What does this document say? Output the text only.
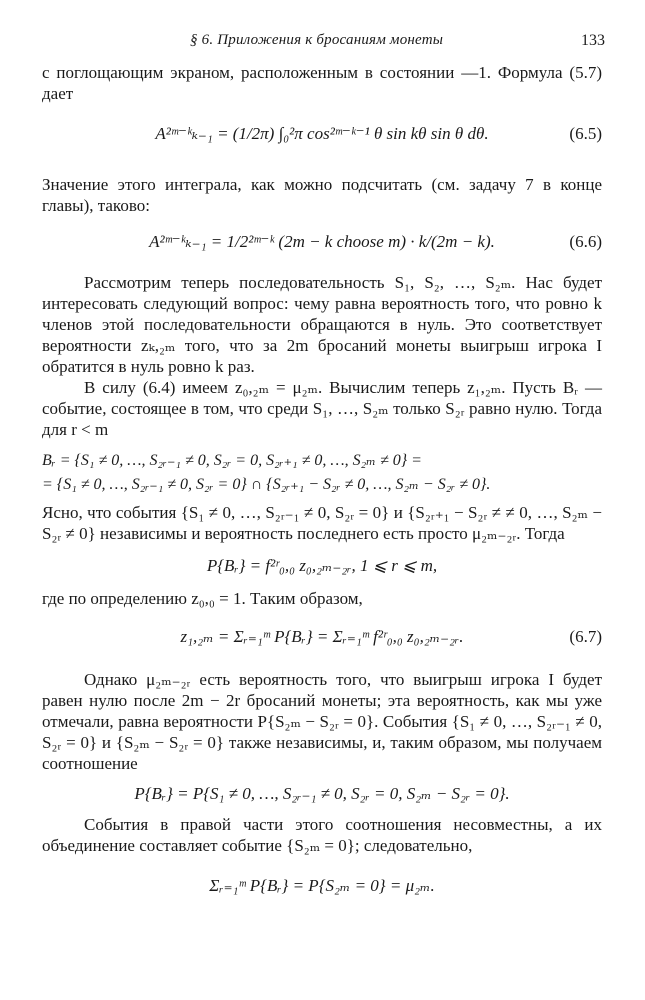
§ 6. Приложения к бросаниям монеты	133

с поглощающим экраном, расположенным в состоянии —1. Формула (5.7) дает

A²ᵐ⁻ᵏₖ₋₁ = (1/2π) ∫₀²π cos²ᵐ⁻ᵏ⁻¹ θ sin kθ sin θ dθ.	(6.5)

Значение этого интеграла, как можно подсчитать (см. задачу 7 в конце главы), таково:

A²ᵐ⁻ᵏₖ₋₁ = 1/2²ᵐ⁻ᵏ (2m − k choose m) · k/(2m − k).	(6.6)

Рассмотрим теперь последовательность S₁, S₂, …, S₂ₘ. Нас будет интересовать следующий вопрос: чему равна вероятность того, что ровно k членов этой последовательности обращаются в нуль. Это соответствует вероятности zₖ,₂ₘ того, что за 2m бросаний монеты выигрыш игрока I обратится в нуль ровно k раз.

В силу (6.4) имеем z₀,₂ₘ = μ₂ₘ. Вычислим теперь z₁,₂ₘ. Пусть Bᵣ — событие, состоящее в том, что среди S₁, …, S₂ₘ только S₂ᵣ равно нулю. Тогда для r < m

Bᵣ = {S₁ ≠ 0, …, S₂ᵣ₋₁ ≠ 0, S₂ᵣ = 0, S₂ᵣ₊₁ ≠ 0, …, S₂ₘ ≠ 0} =
= {S₁ ≠ 0, …, S₂ᵣ₋₁ ≠ 0, S₂ᵣ = 0} ∩ {S₂ᵣ₊₁ − S₂ᵣ ≠ 0, …, S₂ₘ − S₂ᵣ ≠ 0}.

Ясно, что события {S₁ ≠ 0, …, S₂ᵣ₋₁ ≠ 0, S₂ᵣ = 0} и {S₂ᵣ₊₁ − S₂ᵣ ≠ ≠ 0, …, S₂ₘ − S₂ᵣ ≠ 0} независимы и вероятность последнего есть просто μ₂ₘ₋₂ᵣ. Тогда

P{Bᵣ} = f²ʳ₀,₀ z₀,₂ₘ₋₂ᵣ, 1 ⩽ r ⩽ m,

где по определению z₀,₀ = 1. Таким образом,

z₁,₂ₘ = Σᵣ₌₁ᵐ P{Bᵣ} = Σᵣ₌₁ᵐ f²ʳ₀,₀ z₀,₂ₘ₋₂ᵣ.	(6.7)

Однако μ₂ₘ₋₂ᵣ есть вероятность того, что выигрыш игрока I будет равен нулю после 2m − 2r бросаний монеты; эта вероятность, как мы уже отмечали, равна вероятности P{S₂ₘ − S₂ᵣ = 0}. События {S₁ ≠ 0, …, S₂ᵣ₋₁ ≠ 0, S₂ᵣ = 0} и {S₂ₘ − S₂ᵣ = 0} также независимы, и, таким образом, мы получаем соотношение

P{Bᵣ} = P{S₁ ≠ 0, …, S₂ᵣ₋₁ ≠ 0, S₂ᵣ = 0, S₂ₘ − S₂ᵣ = 0}.

События в правой части этого соотношения несовместны, а их объединение составляет событие {S₂ₘ = 0}; следовательно,

Σᵣ₌₁ᵐ P{Bᵣ} = P{S₂ₘ = 0} = μ₂ₘ.
